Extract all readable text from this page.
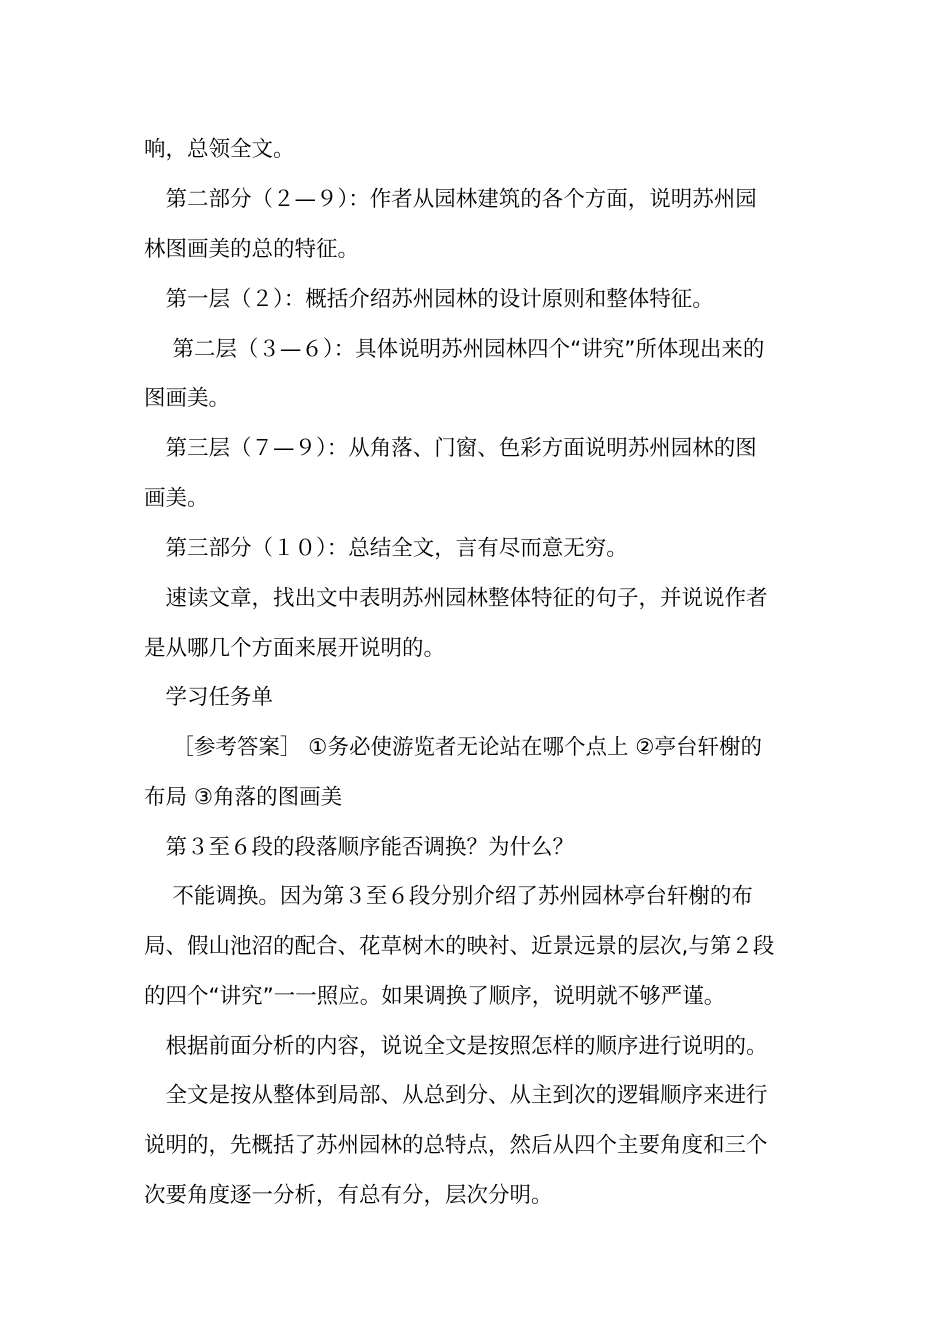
响，总领全文。

　第二部分（２—９）：作者从园林建筑的各个方面，说明苏州园

林图画美的总的特征。

　第一层（２）：概括介绍苏州园林的设计原则和整体特征。

　 第二层（３—６）：具体说明苏州园林四个“讲究”所体现出来的

图画美。

　第三层（７—９）：从角落、门窗、色彩方面说明苏州园林的图

画美。

　第三部分（１０）：总结全文，言有尽而意无穷。

　速读文章，找出文中表明苏州园林整体特征的句子，并说说作者

是从哪几个方面来展开说明的。

　学习任务单

　 ［参考答案］ ①务必使游览者无论站在哪个点上 ②亭台轩榭的

布局 ③角落的图画美

　第３至６段的段落顺序能否调换？为什么？

　 不能调换。因为第３至６段分别介绍了苏州园林亭台轩榭的布

局、假山池沼的配合、花草树木的映衬、近景远景的层次,与第２段

的四个“讲究”一一照应。如果调换了顺序，说明就不够严谨。

　根据前面分析的内容，说说全文是按照怎样的顺序进行说明的。

　全文是按从整体到局部、从总到分、从主到次的逻辑顺序来进行

说明的，先概括了苏州园林的总特点，然后从四个主要角度和三个

次要角度逐一分析，有总有分，层次分明。
